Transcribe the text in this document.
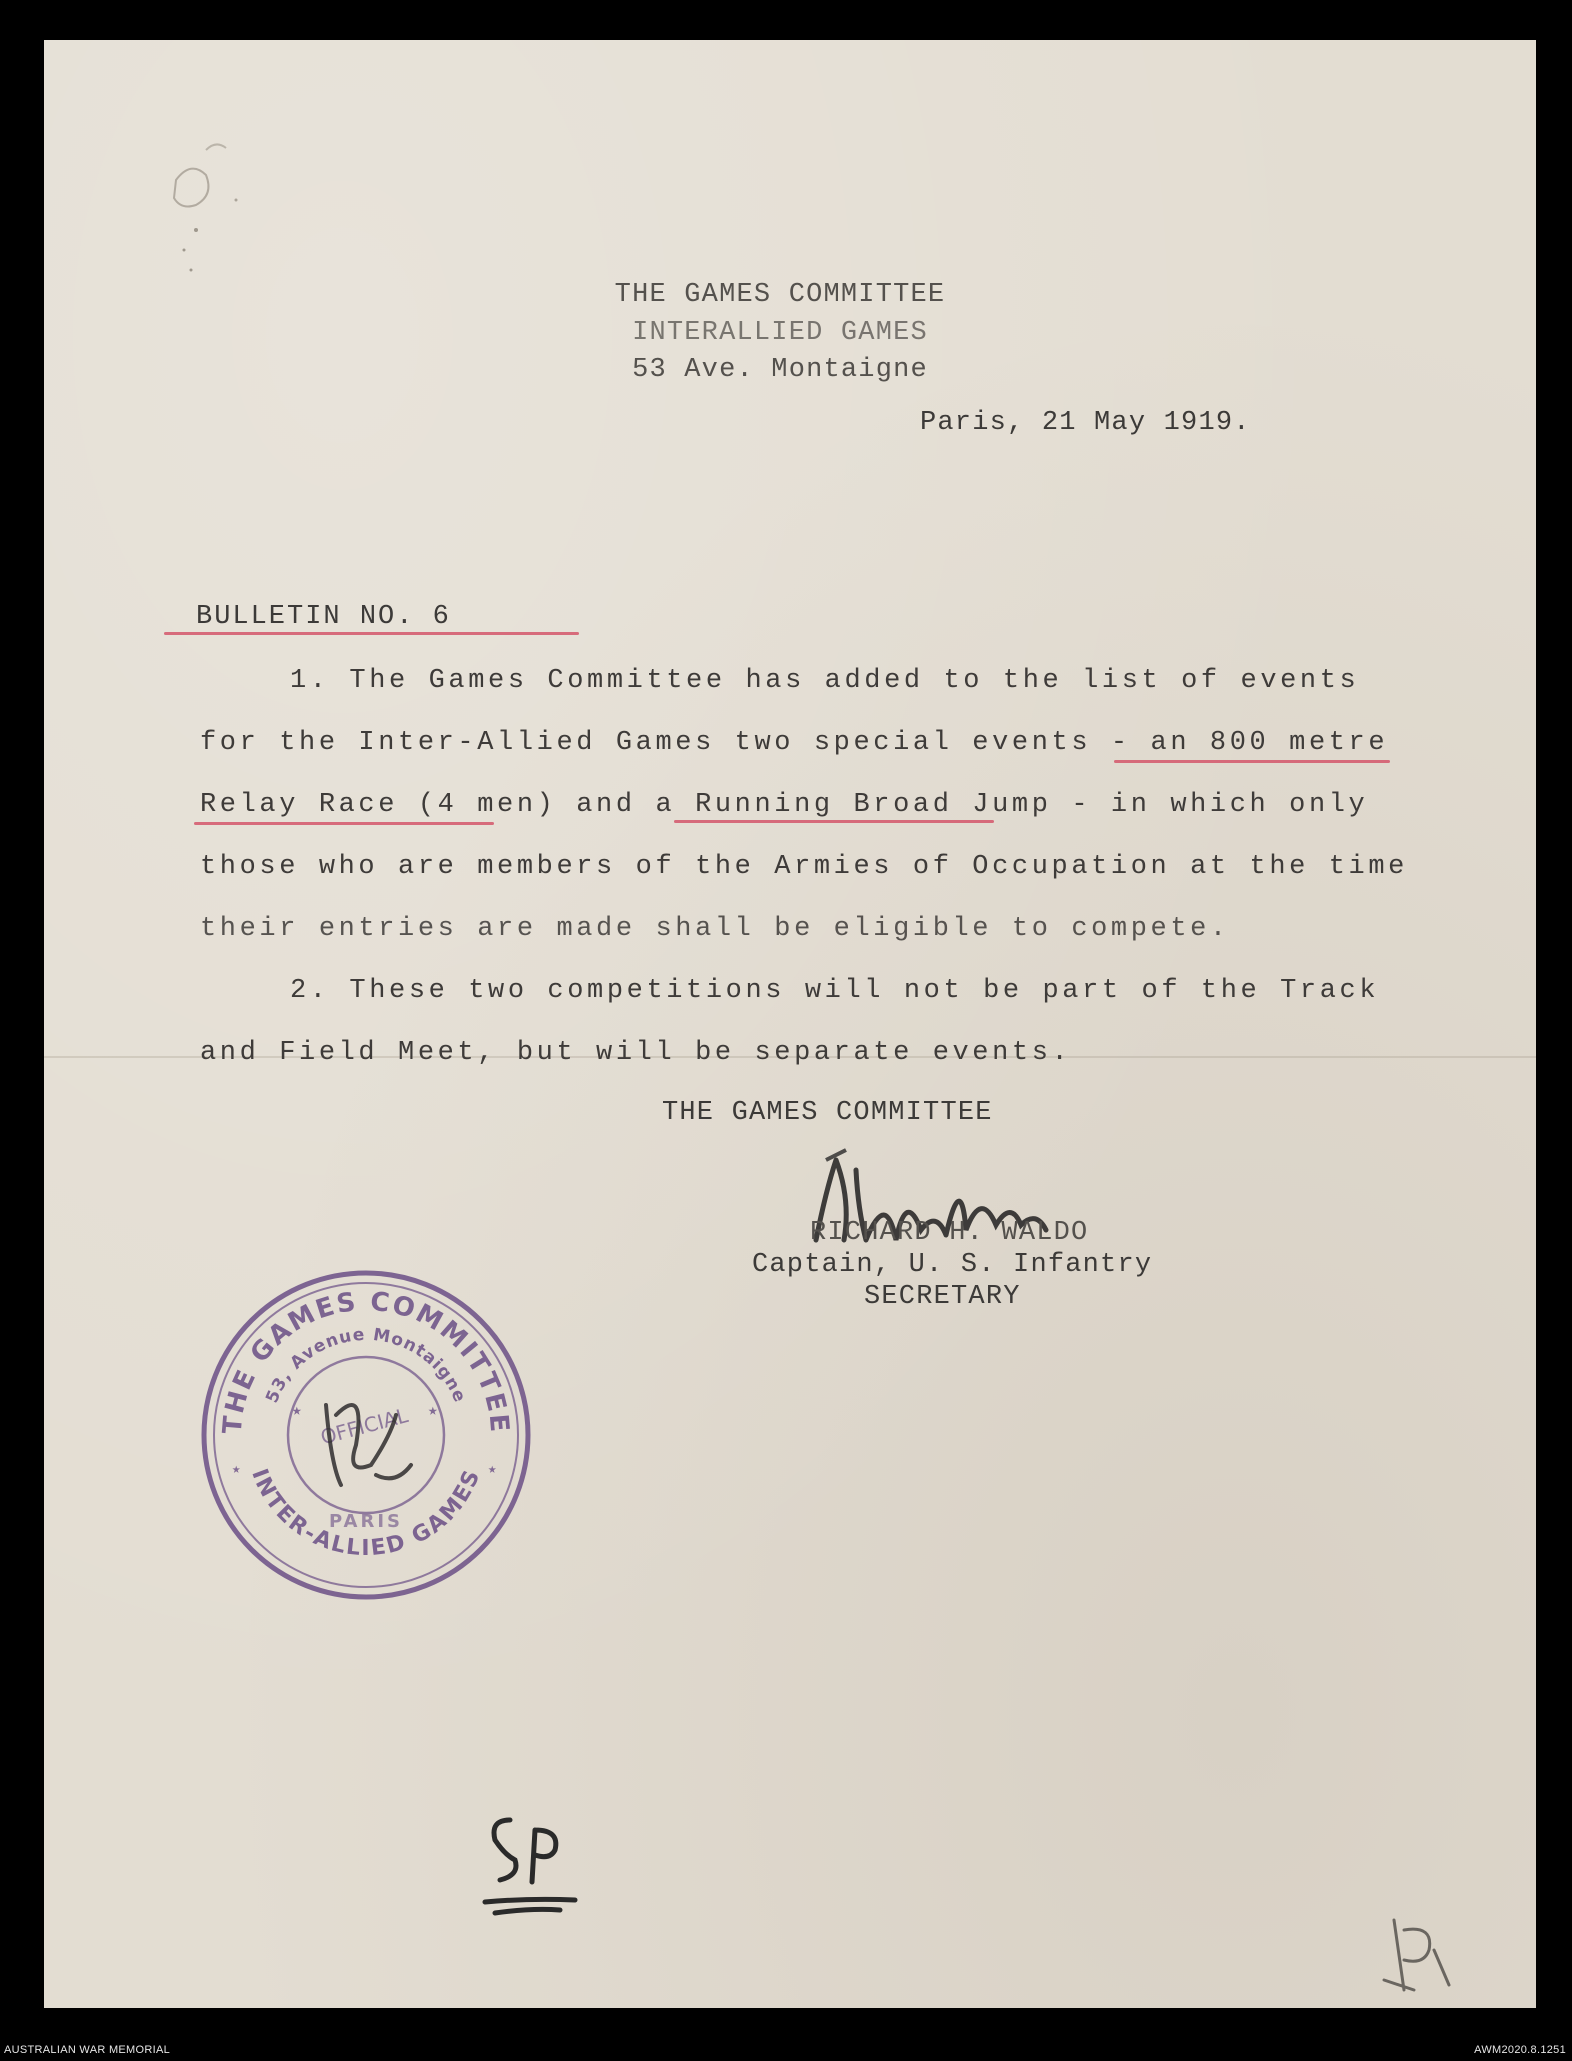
THE GAMES COMMITTEE
INTERALLIED GAMES
53 Ave. Montaigne
Paris, 21 May 1919.
BULLETIN NO. 6
1. The Games Committee has added to the list of events
for the Inter-Allied Games two special events - an 800 metre
Relay Race (4 men) and a Running Broad Jump - in which only
those who are members of the Armies of Occupation at the time
their entries are made shall be eligible to compete.
2. These two competitions will not be part of the Track
and Field Meet, but will be separate events.
THE GAMES COMMITTEE
RICHARD H. WALDO
Captain, U. S. Infantry
SECRETARY
THE GAMES COMMITTEE
53, Avenue Montaigne
INTER-ALLIED GAMES
OFFICIAL
PARIS
★	★
★	★
AUSTRALIAN WAR MEMORIAL	AWM2020.8.1251
